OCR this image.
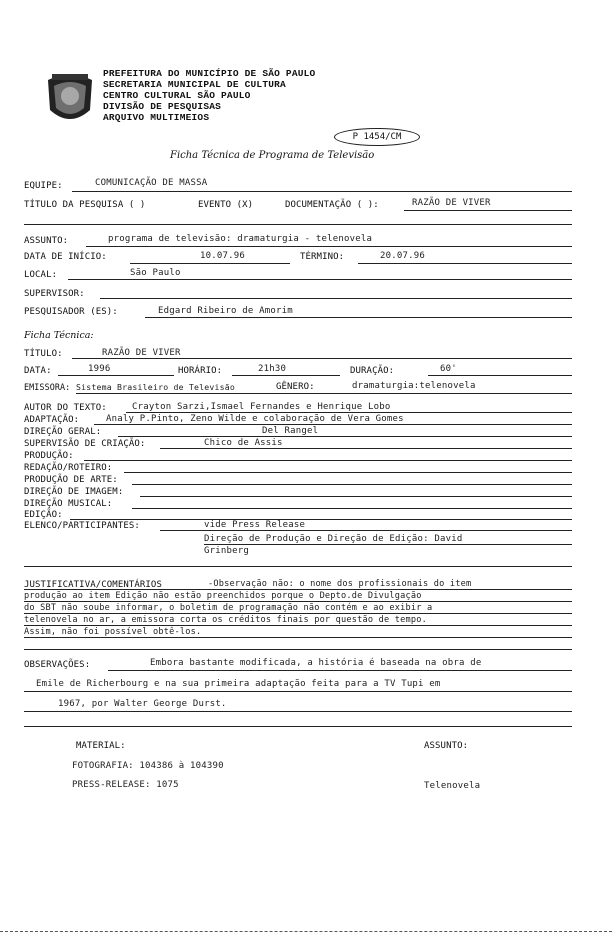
PREFEITURA DO MUNICÍPIO DE SÃO PAULO
SECRETARIA MUNICIPAL DE CULTURA
CENTRO CULTURAL SÃO PAULO
DIVISÃO DE PESQUISAS
ARQUIVO MULTIMEIOS
P 1454/CM
Ficha Técnica de Programa de Televisão
EQUIPE:	COMUNICAÇÃO DE MASSA
TÍTULO DA PESQUISA ( )	EVENTO (X)	DOCUMENTAÇÃO ( ):	RAZÃO DE VIVER
ASSUNTO:	programa de televisão: dramaturgia - telenovela
DATA DE INÍCIO:	10.07.96	TÉRMINO:	20.07.96
LOCAL:	São Paulo
SUPERVISOR:
PESQUISADOR (ES):	Edgard Ribeiro de Amorim
Ficha Técnica:
TÍTULO:	RAZÃO DE VIVER
DATA:	1996	HORÁRIO:	21h30	DURAÇÃO:	60'
EMISSORA: Sistema Brasileiro de Televisão	GÊNERO:	dramaturgia:telenovela
AUTOR DO TEXTO:	Crayton Sarzi,Ismael Fernandes e Henrique Lobo
ADAPTAÇÃO:	Analy P.Pinto, Zeno Wilde e colaboração de Vera Gomes
DIREÇÃO GERAL:	Del Rangel
SUPERVISÃO DE CRIAÇÃO:	Chico de Assis
PRODUÇÃO:
REDAÇÃO/ROTEIRO:
PRODUÇÃO DE ARTE:
DIREÇÃO DE IMAGEM:
DIREÇÃO MUSICAL:
EDIÇÃO:
ELENCO/PARTICIPANTES:	vide Press Release
Direção de Produção e Direção de Edição: David
Grinberg
JUSTIFICATIVA/COMENTÁRIOS	-Observação não: o nome dos profissionais do item
produção ao item Edição não estão preenchidos porque o Depto.de Divulgação
do SBT não soube informar, o boletim de programação não contém e ao exibir a
telenovela no ar, a emissora corta os créditos finais por questão de tempo.
Assim, não foi possível obtê-los.
OBSERVAÇÕES:	Embora bastante modificada, a história é baseada na obra de
Emile de Richerbourg e na sua primeira adaptação feita para a TV Tupi em
1967, por Walter George Durst.
MATERIAL:	ASSUNTO:
FOTOGRAFIA: 104386 à 104390
PRESS-RELEASE: 1075	Telenovela
